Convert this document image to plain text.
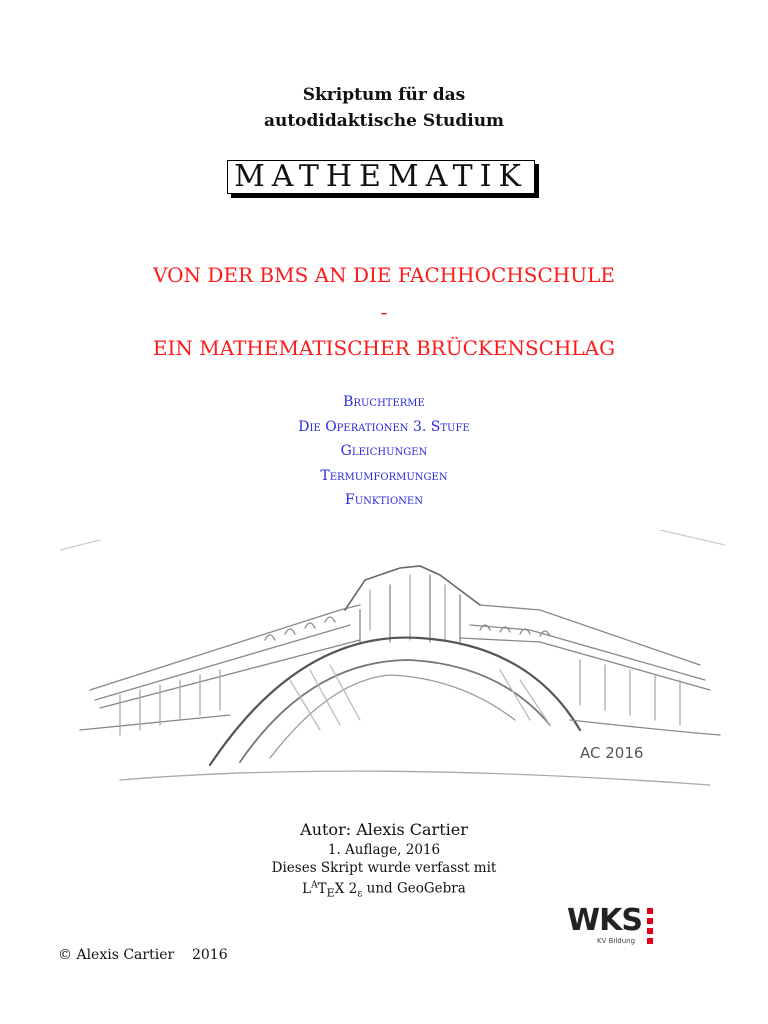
Skriptum für das
autodidaktische Studium
MATHEMATIK
VON DER BMS AN DIE FACHHOCHSCHULE
-
EIN MATHEMATISCHER BRÜCKENSCHLAG
Bruchterme
Die Operationen 3. Stufe
Gleichungen
Termumformungen
Funktionen
AC 2016
Autor: Alexis Cartier
1. Auflage, 2016
Dieses Skript wurde verfasst mit
$L^AT_EX$ $2_\varepsilon$ und GeoGebra
© Alexis Cartier    2016
WKS
KV Bildung
